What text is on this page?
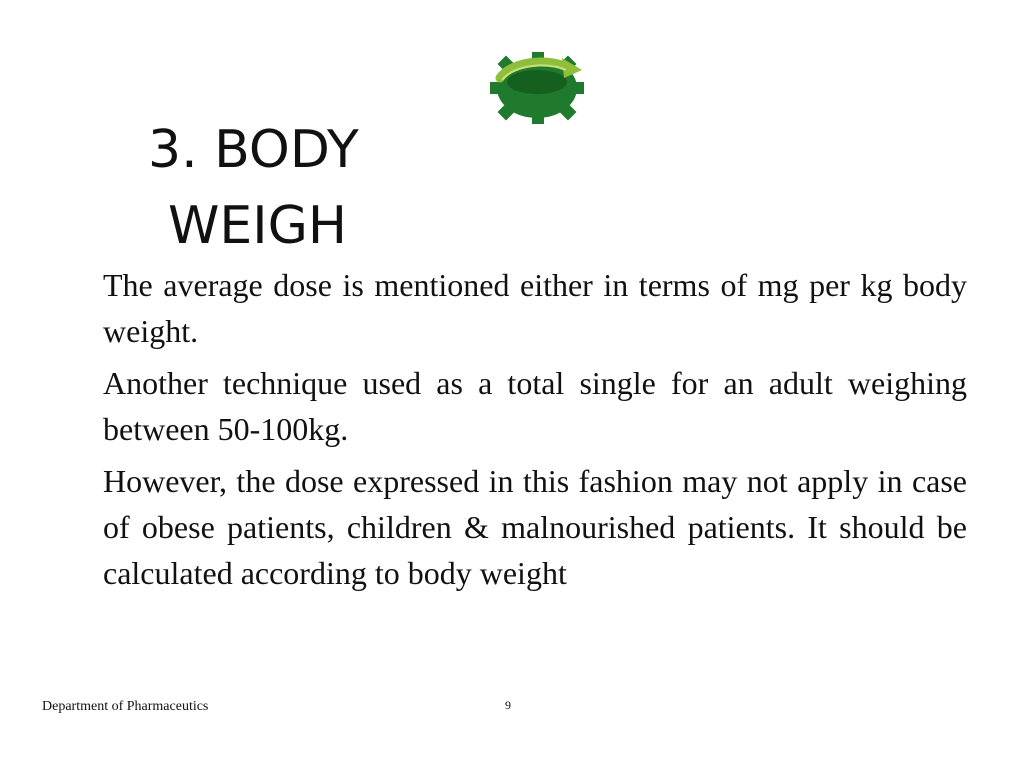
3. BODY
WEIGH

The average dose is mentioned either in terms of mg per kg body weight.

Another technique used as a total single for an adult weighing between 50-100kg.

However, the dose expressed in this fashion may not apply in case of obese patients, children & malnourished patients. It should be calculated according to body weight

Department of Pharmaceutics	9
